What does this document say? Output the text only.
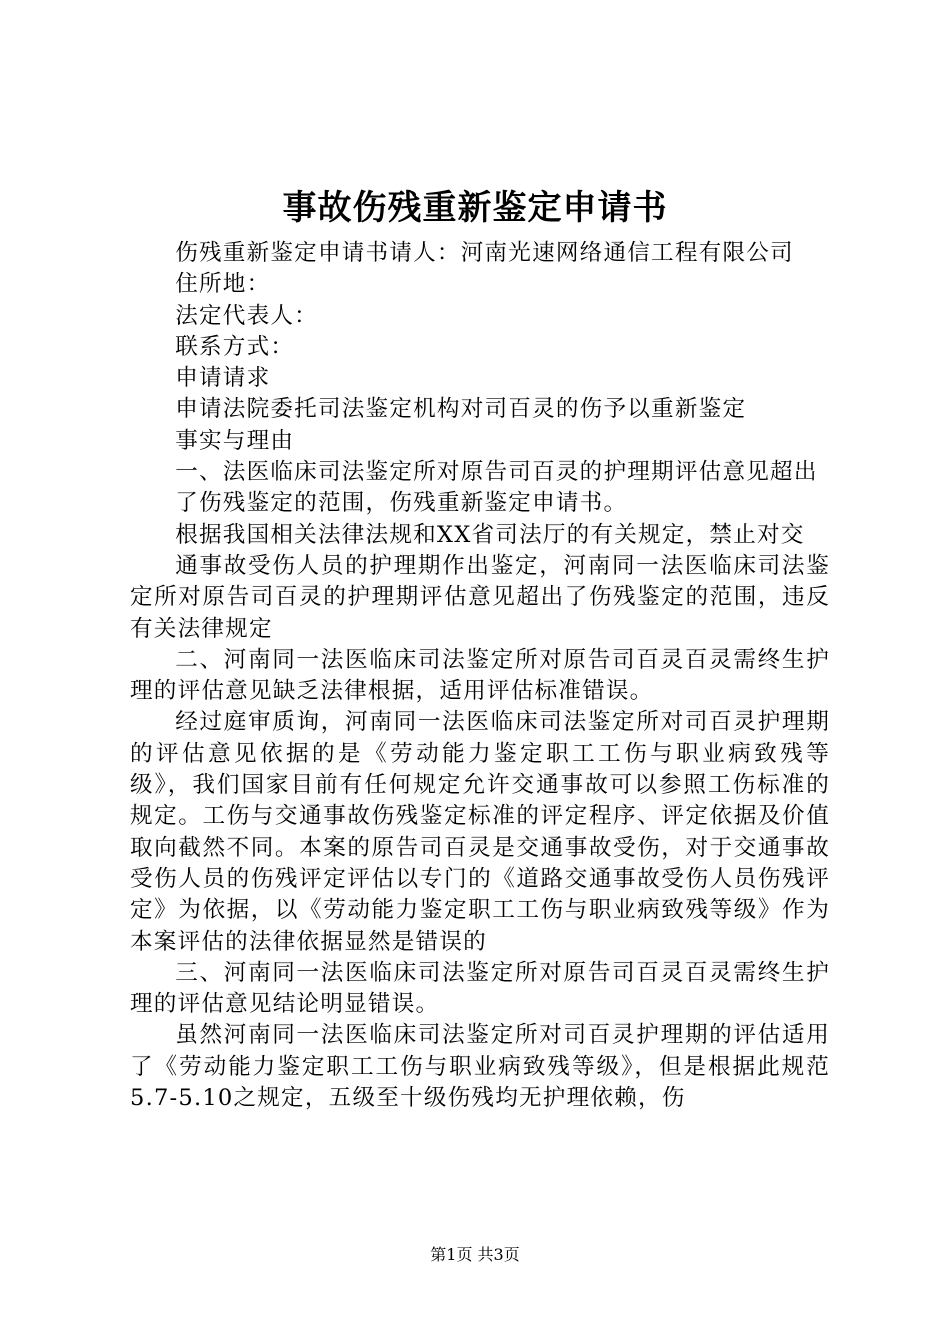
事故伤残重新鉴定申请书

伤残重新鉴定申请书请人：河南光速网络通信工程有限公司

住所地：

法定代表人：

联系方式：

申请请求

申请法院委托司法鉴定机构对司百灵的伤予以重新鉴定

事实与理由

一、法医临床司法鉴定所对原告司百灵的护理期评估意见超出

了伤残鉴定的范围，伤残重新鉴定申请书。

根据我国相关法律法规和XX省司法厅的有关规定，禁止对交

通事故受伤人员的护理期作出鉴定，河南同一法医临床司法鉴定所对原告司百灵的护理期评估意见超出了伤残鉴定的范围，违反有关法律规定

二、河南同一法医临床司法鉴定所对原告司百灵百灵需终生护理的评估意见缺乏法律根据，适用评估标准错误。

经过庭审质询，河南同一法医临床司法鉴定所对司百灵护理期的评估意见依据的是《劳动能力鉴定职工工伤与职业病致残等级》，我们国家目前有任何规定允许交通事故可以参照工伤标准的规定。工伤与交通事故伤残鉴定标准的评定程序、评定依据及价值取向截然不同。本案的原告司百灵是交通事故受伤，对于交通事故受伤人员的伤残评定评估以专门的《道路交通事故受伤人员伤残评定》为依据，以《劳动能力鉴定职工工伤与职业病致残等级》作为本案评估的法律依据显然是错误的

三、河南同一法医临床司法鉴定所对原告司百灵百灵需终生护理的评估意见结论明显错误。

虽然河南同一法医临床司法鉴定所对司百灵护理期的评估适用了《劳动能力鉴定职工工伤与职业病致残等级》，但是根据此规范5.7-5.10之规定，五级至十级伤残均无护理依赖，伤

第1页 共3页
